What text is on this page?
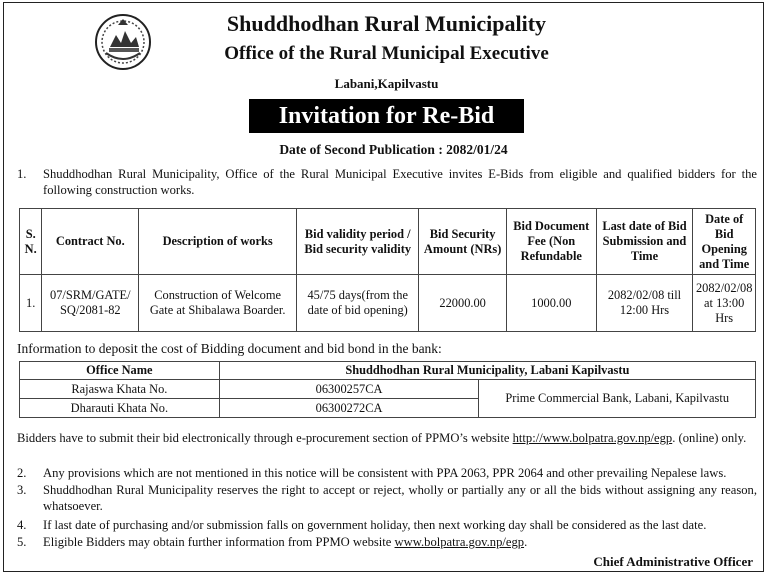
Shuddhodhan Rural Municipality
Office of the Rural Municipal Executive
Labani,Kapilvastu
Invitation for Re-Bid
Date of Second Publication : 2082/01/24
1. Shuddhodhan Rural Municipality, Office of the Rural Municipal Executive invites E-Bids from eligible and qualified bidders for the following construction works.
S. N.	Contract No.	Description of works	Bid validity period / Bid security validity	Bid Security Amount (NRs)	Bid Document Fee (Non Refundable	Last date of Bid Submission and Time	Date of Bid Opening and Time
1.	07/SRM/GATE/ SQ/2081-82	Construction of Welcome Gate at Shibalawa Boarder.	45/75 days(from the date of bid opening)	22000.00	1000.00	2082/02/08 till 12:00 Hrs	2082/02/08 at 13:00 Hrs
Information to deposit the cost of Bidding document and bid bond in the bank:
Office Name	Shuddhodhan Rural Municipality, Labani Kapilvastu	
Rajaswa Khata No.	06300257CA	Prime Commercial Bank, Labani, Kapilvastu
Dharauti Khata No.	06300272CA	
Bidders have to submit their bid electronically through e-procurement section of PPMO’s website http://www.bolpatra.gov.np/egp. (online) only.
2. Any provisions which are not mentioned in this notice will be consistent with PPA 2063, PPR 2064 and other prevailing Nepalese laws.
3. Shuddhodhan Rural Municipality reserves the right to accept or reject, wholly or partially any or all the bids without assigning any reason, whatsoever.
4. If last date of purchasing and/or submission falls on government holiday, then next working day shall be considered as the last date.
5. Eligible Bidders may obtain further information from PPMO website www.bolpatra.gov.np/egp.
Chief Administrative Officer
